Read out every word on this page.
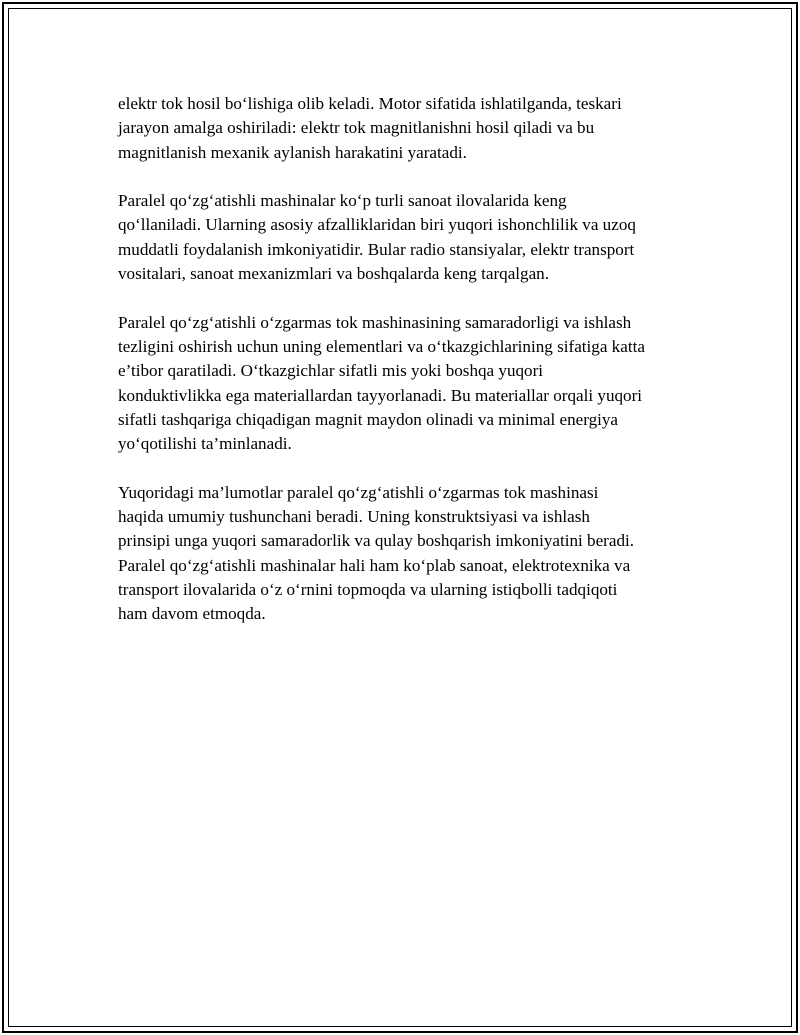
elektr tok hosil bo‘lishiga olib keladi. Motor sifatida ishlatilganda, teskari
jarayon amalga oshiriladi: elektr tok magnitlanishni hosil qiladi va bu
magnitlanish mexanik aylanish harakatini yaratadi.

Paralel qo‘zg‘atishli mashinalar ko‘p turli sanoat ilovalarida keng
qo‘llaniladi. Ularning asosiy afzalliklaridan biri yuqori ishonchlilik va uzoq
muddatli foydalanish imkoniyatidir. Bular radio stansiyalar, elektr transport
vositalari, sanoat mexanizmlari va boshqalarda keng tarqalgan.

Paralel qo‘zg‘atishli o‘zgarmas tok mashinasining samaradorligi va ishlash
tezligini oshirish uchun uning elementlari va o‘tkazgichlarining sifatiga katta
e’tibor qaratiladi. O‘tkazgichlar sifatli mis yoki boshqa yuqori
konduktivlikka ega materiallardan tayyorlanadi. Bu materiallar orqali yuqori
sifatli tashqariga chiqadigan magnit maydon olinadi va minimal energiya
yo‘qotilishi ta’minlanadi.

Yuqoridagi ma’lumotlar paralel qo‘zg‘atishli o‘zgarmas tok mashinasi
haqida umumiy tushunchani beradi. Uning konstruktsiyasi va ishlash
prinsipi unga yuqori samaradorlik va qulay boshqarish imkoniyatini beradi.
Paralel qo‘zg‘atishli mashinalar hali ham ko‘plab sanoat, elektrotexnika va
transport ilovalarida o‘z o‘rnini topmoqda va ularning istiqbolli tadqiqoti
ham davom etmoqda.
